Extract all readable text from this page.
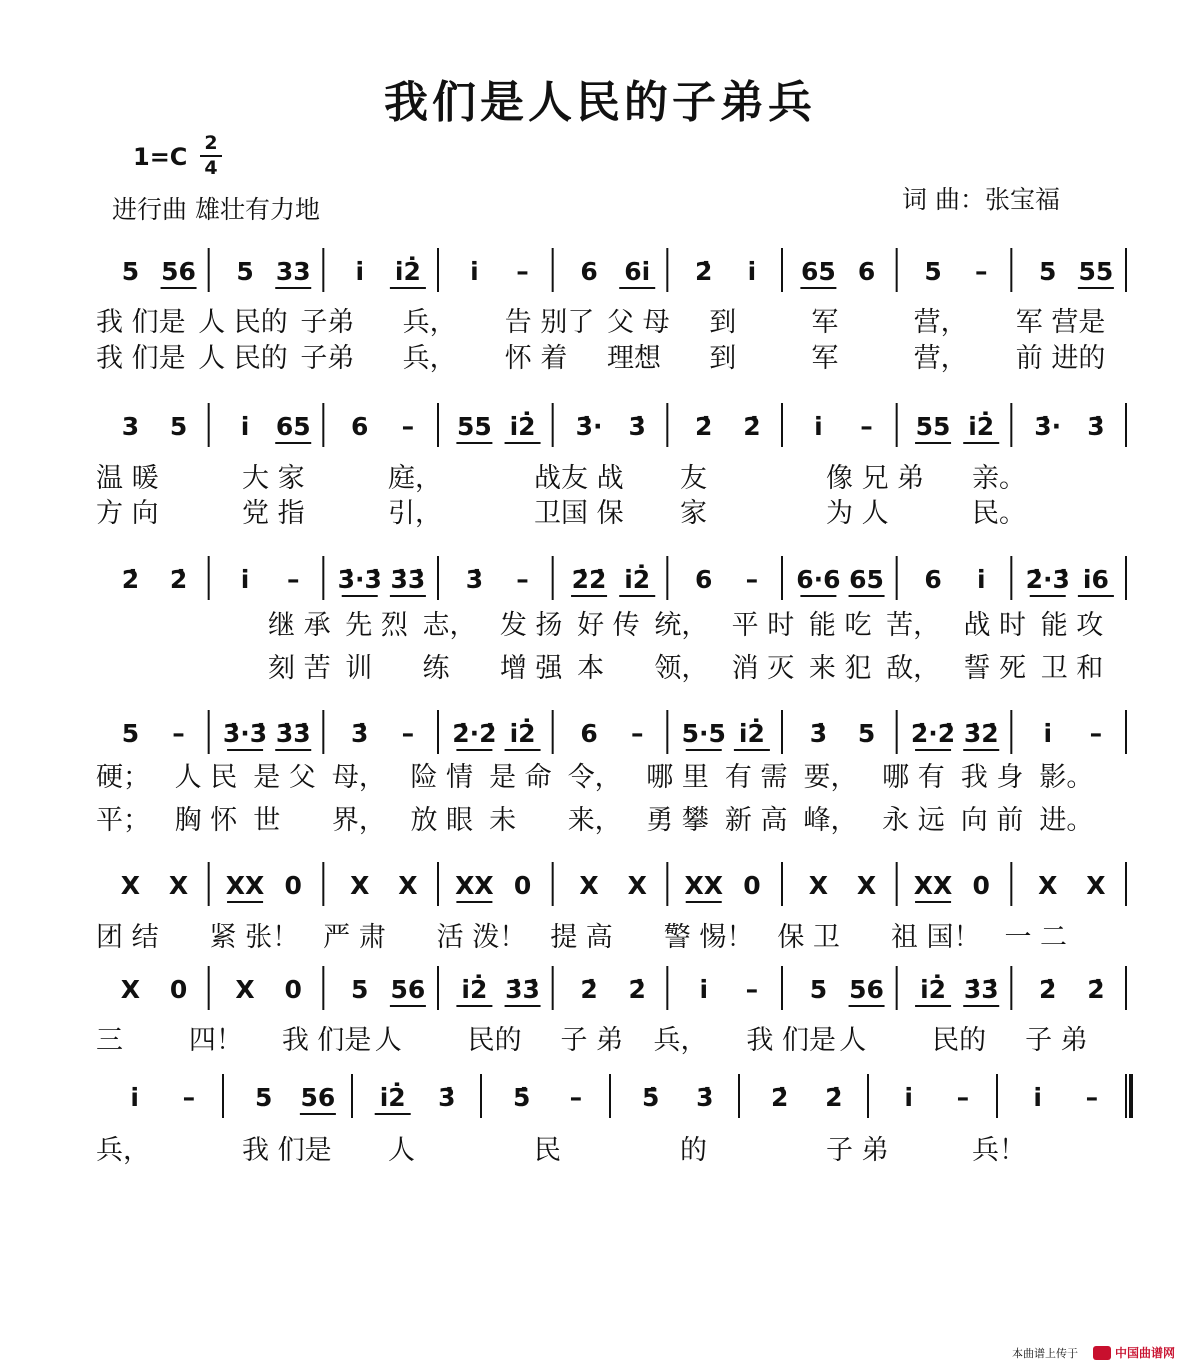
我们是人民的子弟兵
1=C 2
4
进行曲 雄壮有力地	词 曲：张宝福
5 56 5 33 i̇ i̇2̇ i̇ – 6 6i̇ 2̇ i̇ 65 6 5 – 5 55
3 5 i̇ 65 6 – 55 i̇2̇ 3̇· 3̇ 2̇ 2̇ i̇ – 55 i̇2̇ 3̇· 3̇
2̇ 2̇ i̇ – 3̇·3̇ 3̇3̇ 3̇ – 2̇2̇ i̇2̇ 6 – 6·6 65 6 i̇ 2̇·3̇ i̇6
5 – 3̇·3̇ 3̇3̇ 3̇ – 2̇·2̇ i̇2̇ 6 – 5·5 i̇2̇ 3̇ 5 2̇·2̇ 3̇2̇ i̇ –
X X XX 0 X X XX 0 X X XX 0 X X XX 0 X X
X 0 X 0 5 56 i̇2̇ 3̇3̇ 2̇ 2̇ i̇ – 5 56 i̇2̇ 3̇3̇ 2̇ 2̇
i̇ – 5 56 i̇2̇ 3̇ 5̇ – 5̇ 3̇ 2̇ 2̇ i̇ –	i̇ –
我 们是 人 民的 子弟 兵， 告 别了 父 母 到	军	营， 军 营是
我 们是 人 民的 子弟 兵， 怀 着 理想 到	军	营， 前 进的
温 暖	大 家	庭，	战友 战 友	像 兄 弟 亲。
方 向	党 指	引，	卫国 保 家	为 人	民。
继 承 先 烈 志， 发 扬 好 传 统， 平 时 能 吃 苦， 战 时 能 攻
刻 苦 训 练 增 强 本 领， 消 灭 来 犯 敌， 誓 死 卫 和
硬； 人 民 是 父 母， 险 情 是 命 令， 哪 里 有 需 要， 哪 有 我 身 影。
平； 胸 怀 世 界， 放 眼 未 来， 勇 攀 新 高 峰， 永 远 向 前 进。
团 结 紧 张！ 严 肃 活 泼！ 提 高 警 惕！ 保 卫 祖 国！ 一 二
三 四！ 我 们是 人 民的 子 弟 兵， 我 们是 人 民的 子 弟
兵，	我 们是 人	民	的	子 弟	兵！
本曲谱上传于	中国曲谱网
